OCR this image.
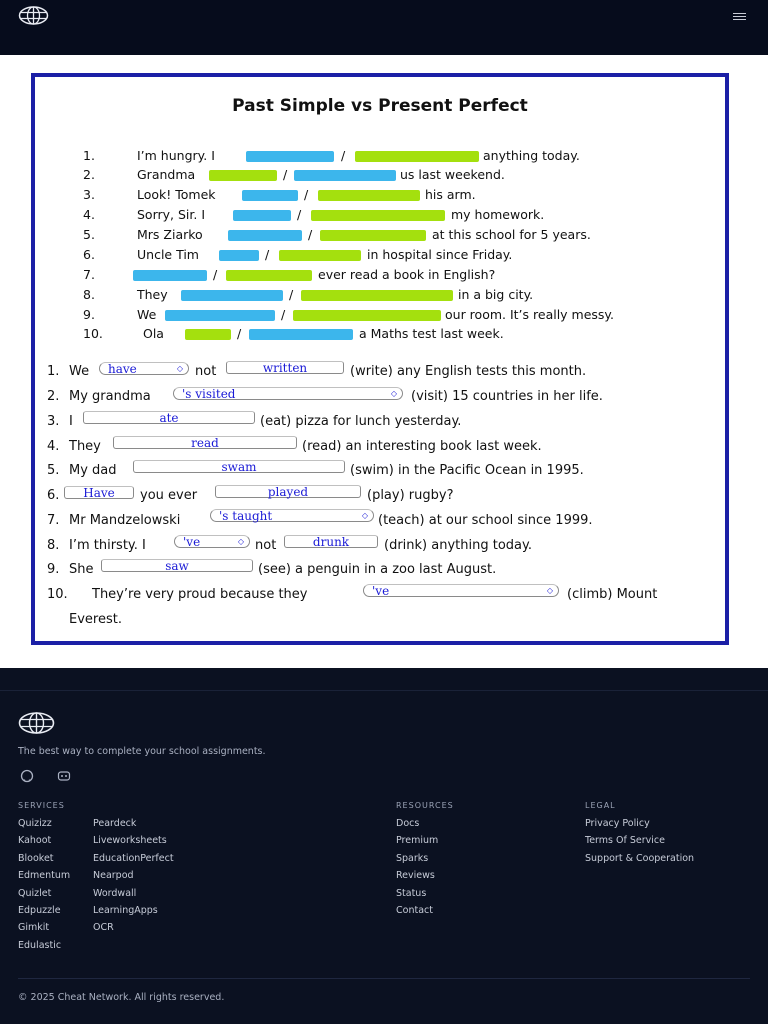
Past Simple vs Present Perfect
1.	I’m hungry. I	/	anything today.
2.	Grandma	/	us last weekend.
3.	Look! Tomek	/	his arm.
4.	Sorry, Sir. I	/	my homework.
5.	Mrs Ziarko	/	at this school for 5 years.
6.	Uncle Tim	/	in hospital since Friday.
7.	/	ever read a book in English?
8.	They	/	in a big city.
9.	We	/	our room. It’s really messy.
10.	Ola	/	a Maths test last week.
1. We	have	◇ not	written	(write) any English tests this month.
2. My grandma	's visited	◇ (visit) 15 countries in her life.
3. I	ate	(eat) pizza for lunch yesterday.
4. They	read	(read) an interesting book last week.
5. My dad	swam	(swim) in the Pacific Ocean in 1995.
6.	Have	you ever	played	(play) rugby?
7. Mr Mandzelowski	's taught	◇ (teach) at our school since 1999.
8. I’m thirsty. I	've	◇ not	drunk	(drink) anything today.
9. She	saw	(see) a penguin in a zoo last August.
10. They’re very proud because they	've	◇ (climb) Mount
Everest.
The best way to complete your school assignments.
SERVICES
Quizizz
Kahoot
Blooket
Edmentum
Quizlet
Edpuzzle
Gimkit
Edulastic
Peardeck
Liveworksheets
EducationPerfect
Nearpod
Wordwall
LearningApps
OCR
RESOURCES
Docs
Premium
Sparks
Reviews
Status
Contact
LEGAL
Privacy Policy
Terms Of Service
Support & Cooperation
© 2025 Cheat Network. All rights reserved.
